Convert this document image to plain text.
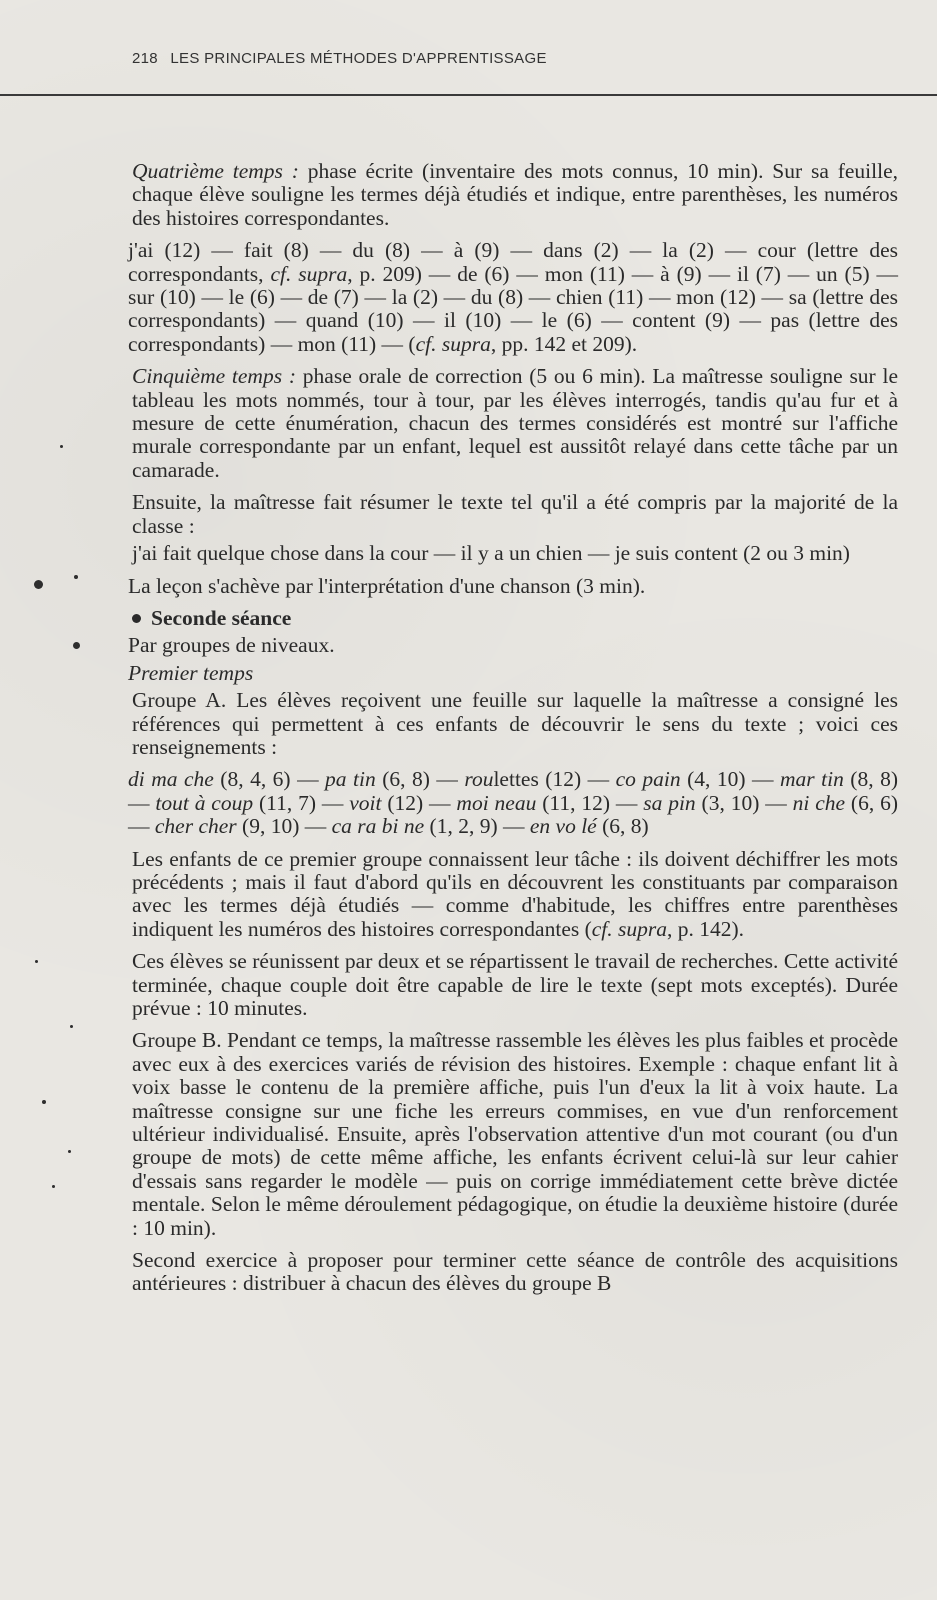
218 LES PRINCIPALES MÉTHODES D'APPRENTISSAGE

Quatrième temps : phase écrite (inventaire des mots connus, 10 min). Sur sa feuille, chaque élève souligne les termes déjà étudiés et indique, entre parenthèses, les numéros des histoires correspondantes.

j'ai (12) — fait (8) — du (8) — à (9) — dans (2) — la (2) — cour (lettre des correspondants, cf. supra, p. 209) — de (6) — mon (11) — à (9) — il (7) — un (5) — sur (10) — le (6) — de (7) — la (2) — du (8) — chien (11) — mon (12) — sa (lettre des correspondants) — quand (10) — il (10) — le (6) — content (9) — pas (lettre des correspondants) — mon (11) — (cf. supra, pp. 142 et 209).

Cinquième temps : phase orale de correction (5 ou 6 min). La maîtresse souligne sur le tableau les mots nommés, tour à tour, par les élèves interrogés, tandis qu'au fur et à mesure de cette énumération, chacun des termes considérés est montré sur l'affiche murale correspondante par un enfant, lequel est aussitôt relayé dans cette tâche par un camarade.

Ensuite, la maîtresse fait résumer le texte tel qu'il a été compris par la majorité de la classe :

j'ai fait quelque chose dans la cour — il y a un chien — je suis content (2 ou 3 min)

La leçon s'achève par l'interprétation d'une chanson (3 min).

Seconde séance

Par groupes de niveaux.

Premier temps

Groupe A. Les élèves reçoivent une feuille sur laquelle la maîtresse a consigné les références qui permettent à ces enfants de découvrir le sens du texte ; voici ces renseignements :

di ma che (8, 4, 6) — pa tin (6, 8) — roulettes (12) — co pain (4, 10) — mar tin (8, 8) — tout à coup (11, 7) — voit (12) — moi neau (11, 12) — sa pin (3, 10) — ni che (6, 6) — cher cher (9, 10) — ca ra bi ne (1, 2, 9) — en vo lé (6, 8)

Les enfants de ce premier groupe connaissent leur tâche : ils doivent déchiffrer les mots précédents ; mais il faut d'abord qu'ils en découvrent les constituants par comparaison avec les termes déjà étudiés — comme d'habitude, les chiffres entre parenthèses indiquent les numéros des histoires correspondantes (cf. supra, p. 142).

Ces élèves se réunissent par deux et se répartissent le travail de recherches. Cette activité terminée, chaque couple doit être capable de lire le texte (sept mots exceptés). Durée prévue : 10 minutes.

Groupe B. Pendant ce temps, la maîtresse rassemble les élèves les plus faibles et procède avec eux à des exercices variés de révision des histoires. Exemple : chaque enfant lit à voix basse le contenu de la première affiche, puis l'un d'eux la lit à voix haute. La maîtresse consigne sur une fiche les erreurs commises, en vue d'un renforcement ultérieur individualisé. Ensuite, après l'observation attentive d'un mot courant (ou d'un groupe de mots) de cette même affiche, les enfants écrivent celui-là sur leur cahier d'essais sans regarder le modèle — puis on corrige immédiatement cette brève dictée mentale. Selon le même déroulement pédagogique, on étudie la deuxième histoire (durée : 10 min).

Second exercice à proposer pour terminer cette séance de contrôle des acquisitions antérieures : distribuer à chacun des élèves du groupe B
